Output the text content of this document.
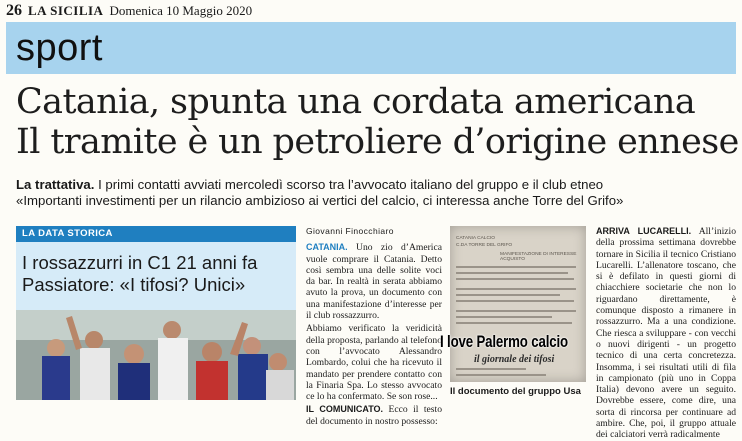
26 LA SICILIA Domenica 10 Maggio 2020
sport
Catania, spunta una cordata americana
Il tramite è un petroliere d’origine ennese
La trattativa. I primi contatti avviati mercoledì scorso tra l’avvocato italiano del gruppo e il club etneo
«Importanti investimenti per un rilancio ambizioso ai vertici del calcio, ci interessa anche Torre del Grifo»
LA DATA STORICA
I rossazzurri in C1 21 anni fa
Passiatore: «I tifosi? Unici»
Giovanni Finocchiaro

CATANIA. Uno zio d’America vuole comprare il Catania. Detto così sembra una delle solite voci da bar. In realtà in serata abbiamo avuto la prova, un documento con una manifestazione d’interesse per il club rossazzurro.

Abbiamo verificato la veridicità della proposta, parlando al telefono con l’avvocato Alessandro Lombardo, colui che ha ricevuto il mandato per prendere contatto con la Finaria Spa. Lo stesso avvocato ce lo ha confermato. Se son rose...

IL COMUNICATO. Ecco il testo del documento in nostro possesso:

CATANIA CALCIO
C.DA TORRE DEL GRIFO
MANIFESTAZIONE DI INTERESSE ACQUISTO
I love Palermo calcio
il giornale dei tifosi
Il documento del gruppo Usa

ARRIVA LUCARELLI. All’inizio della prossima settimana dovrebbe tornare in Sicilia il tecnico Cristiano Lucarelli. L’allenatore toscano, che si è defilato in questi giorni di chiacchiere societarie che non lo riguardano direttamente, è comunque disposto a rimanere in rossazzurro. Ma a una condizione. Che riesca a sviluppare - con vecchi o nuovi dirigenti - un progetto tecnico di una certa concretezza. Insomma, i sei risultati utili di fila in campionato (più uno in Coppa Italia) devono avere un seguito. Dovrebbe essere, come dire, una sorta di rincorsa per continuare ad ambire. Che, poi, il gruppo attuale dei calciatori verrà radicalmente
